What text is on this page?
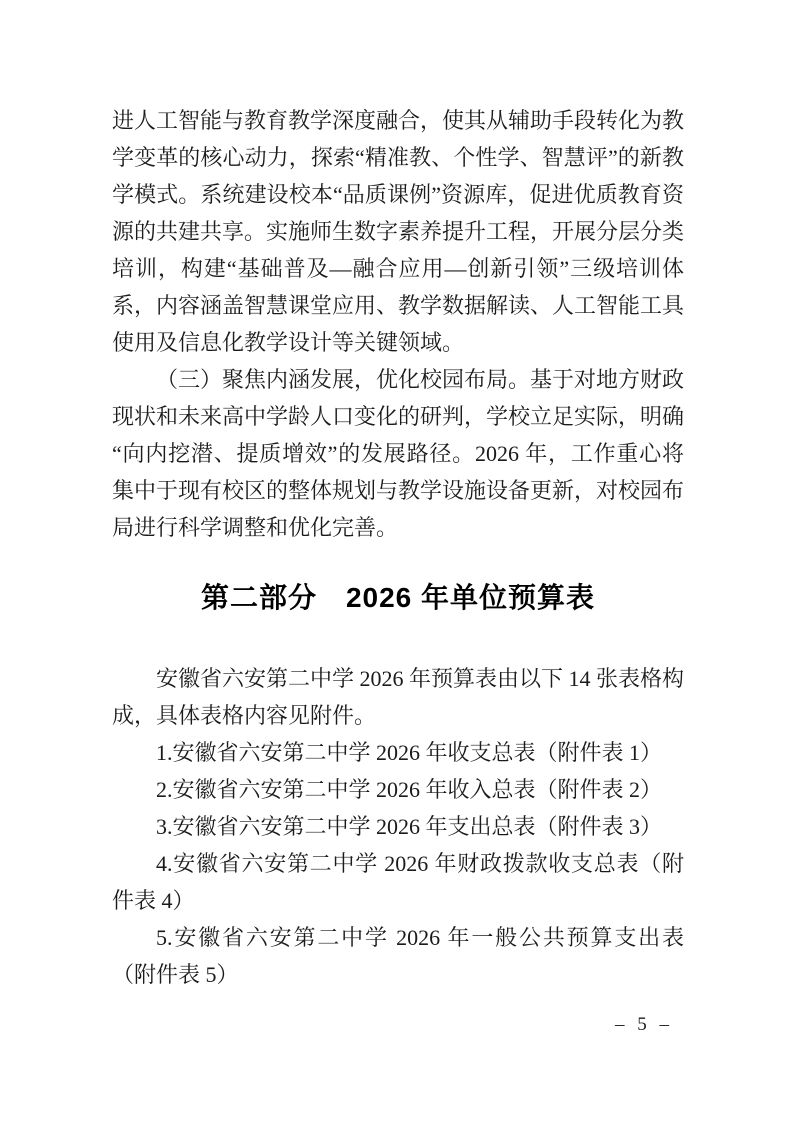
进人工智能与教育教学深度融合，使其从辅助手段转化为教学变革的核心动力，探索“精准教、个性学、智慧评”的新教学模式。系统建设校本“品质课例”资源库，促进优质教育资源的共建共享。实施师生数字素养提升工程，开展分层分类培训，构建“基础普及—融合应用—创新引领”三级培训体系，内容涵盖智慧课堂应用、教学数据解读、人工智能工具使用及信息化教学设计等关键领域。

（三）聚焦内涵发展，优化校园布局。基于对地方财政现状和未来高中学龄人口变化的研判，学校立足实际，明确“向内挖潜、提质增效”的发展路径。2026 年，工作重心将集中于现有校区的整体规划与教学设施设备更新，对校园布局进行科学调整和优化完善。

第二部分　2026 年单位预算表

安徽省六安第二中学 2026 年预算表由以下 14 张表格构成，具体表格内容见附件。

1.安徽省六安第二中学 2026 年收支总表（附件表 1）

2.安徽省六安第二中学 2026 年收入总表（附件表 2）

3.安徽省六安第二中学 2026 年支出总表（附件表 3）

4.安徽省六安第二中学 2026 年财政拨款收支总表（附件表 4）

5.安徽省六安第二中学 2026 年一般公共预算支出表（附件表 5）

– 5 –
